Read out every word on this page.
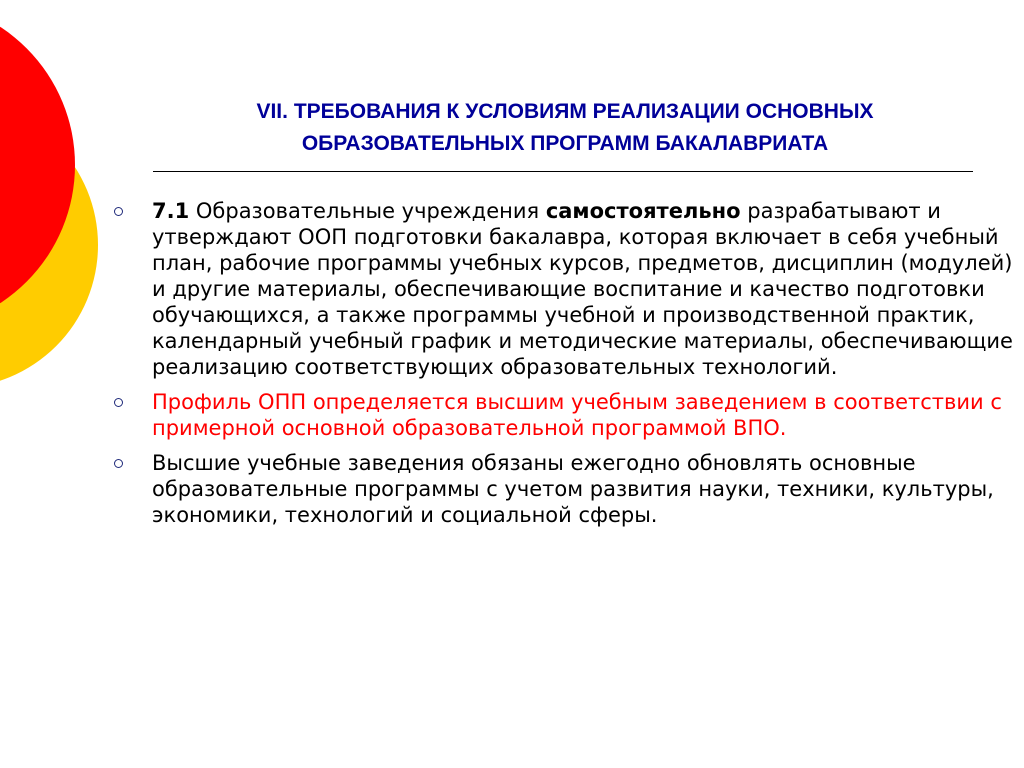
VII. ТРЕБОВАНИЯ К УСЛОВИЯМ РЕАЛИЗАЦИИ ОСНОВНЫХ
ОБРАЗОВАТЕЛЬНЫХ ПРОГРАММ БАКАЛАВРИАТА
7.1 Образовательные учреждения самостоятельно разрабатывают и утверждают ООП подготовки бакалавра, которая включает в себя учебный план, рабочие программы учебных курсов, предметов, дисциплин (модулей) и другие материалы, обеспечивающие воспитание и качество подготовки обучающихся, а также программы учебной и производственной практик, календарный учебный график и методические материалы, обеспечивающие реализацию соответствующих образовательных технологий.
Профиль ОПП определяется высшим учебным заведением в соответствии с примерной основной образовательной программой ВПО.
Высшие учебные заведения обязаны ежегодно обновлять основные образовательные программы с учетом развития науки, техники, культуры, экономики, технологий и социальной сферы.
